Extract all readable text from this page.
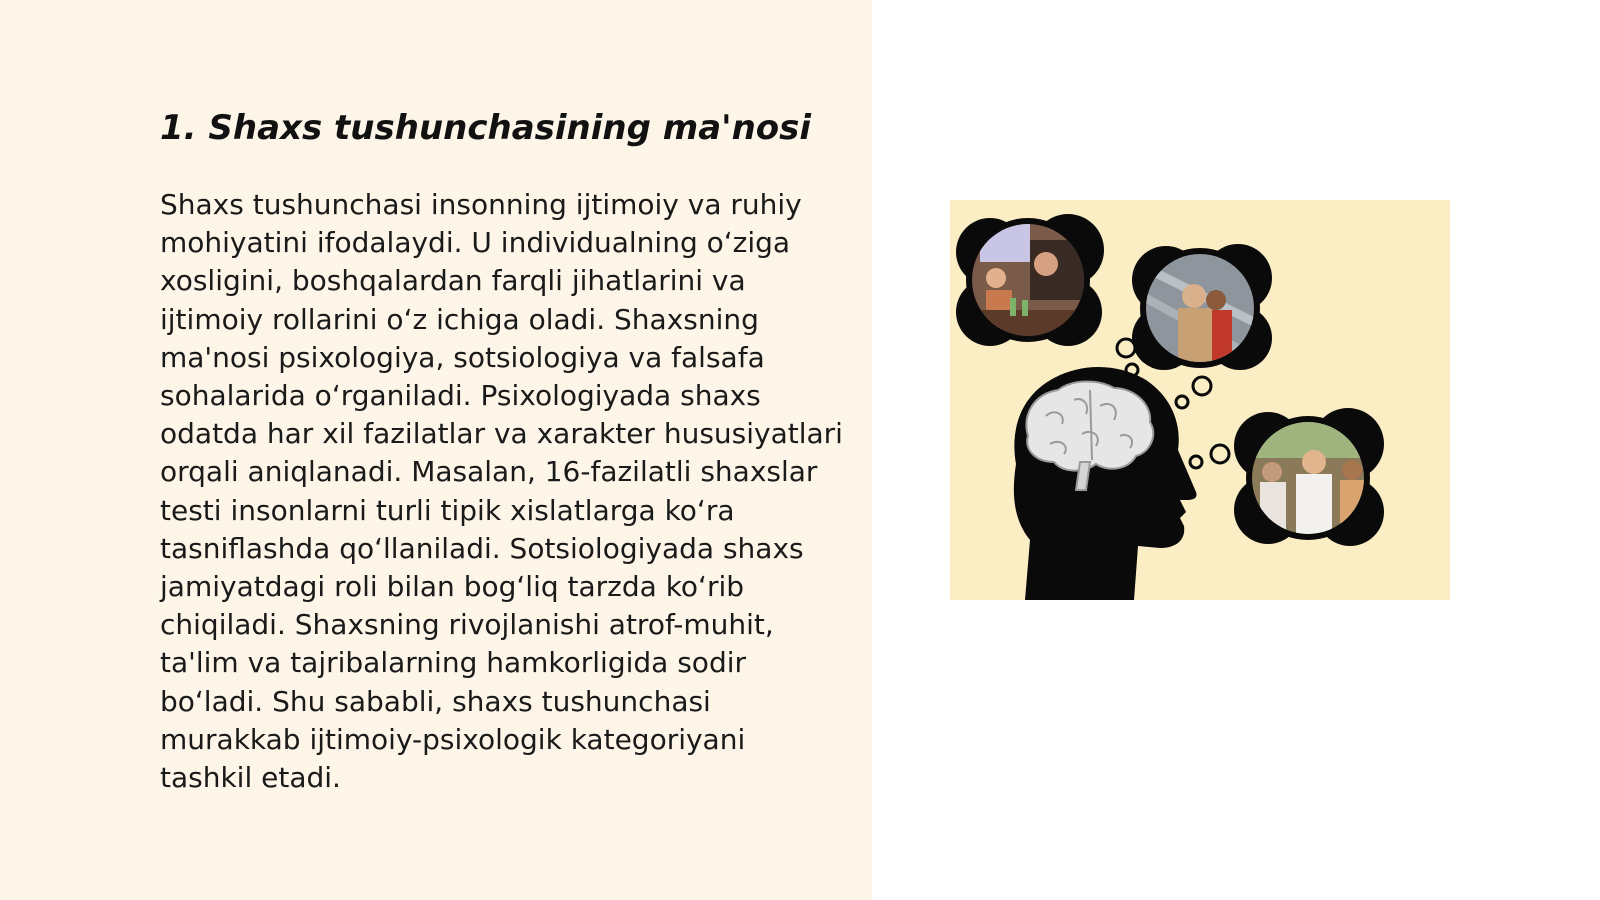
1. Shaxs tushunchasining ma'nosi

Shaxs tushunchasi insonning ijtimoiy va ruhiy mohiyatini ifodalaydi. U individualning oʻziga xosligini, boshqalardan farqli jihatlarini va ijtimoiy rollarini oʻz ichiga oladi. Shaxsning ma'nosi psixologiya, sotsiologiya va falsafa sohalarida oʻrganiladi. Psixologiyada shaxs odatda har xil fazilatlar va xarakter hususiyatlari orqali aniqlanadi. Masalan, 16-fazilatli shaxslar testi insonlarni turli tipik xislatlarga koʻra tasniflashda qoʻllaniladi. Sotsiologiyada shaxs jamiyatdagi roli bilan bogʻliq tarzda koʻrib chiqiladi. Shaxsning rivojlanishi atrof-muhit, ta'lim va tajribalarning hamkorligida sodir boʻladi. Shu sababli, shaxs tushunchasi murakkab ijtimoiy-psixologik kategoriyani tashkil etadi.
